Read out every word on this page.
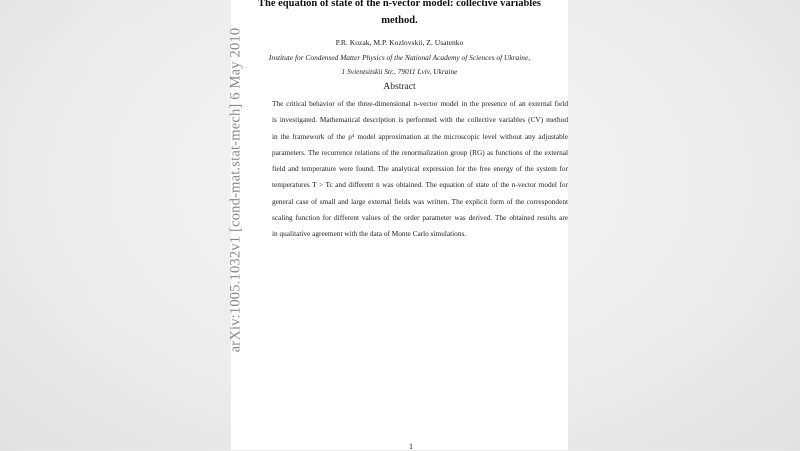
The equation of state of the n-vector model: collective variables
method.
P.R. Kozak, M.P. Kozlovskii, Z. Usatenko
Institute for Condensed Matter Physics of the National Academy of Sciences of Ukraine,
1 Svientsitskii Str., 79011 Lviv, Ukraine
Abstract
The critical behavior of the three-dimensional n-vector model in the presence of an external field
is investigated. Mathematical description is performed with the collective variables (CV) method
in the framework of the ρ⁴ model approximation at the microscopic level without any adjustable
parameters. The recurrence relations of the renormalization group (RG) as functions of the external
field and temperature were found. The analytical expression for the free energy of the system for
temperatures T > Tc and different n was obtained. The equation of state of the n-vector model for
general case of small and large external fields was written. The explicit form of the correspondent
scaling function for different values of the order parameter was derived. The obtained results are
in qualitative agreement with the data of Monte Carlo simulations.
arXiv:1005.1032v1 [cond-mat.stat-mech] 6 May 2010
1
